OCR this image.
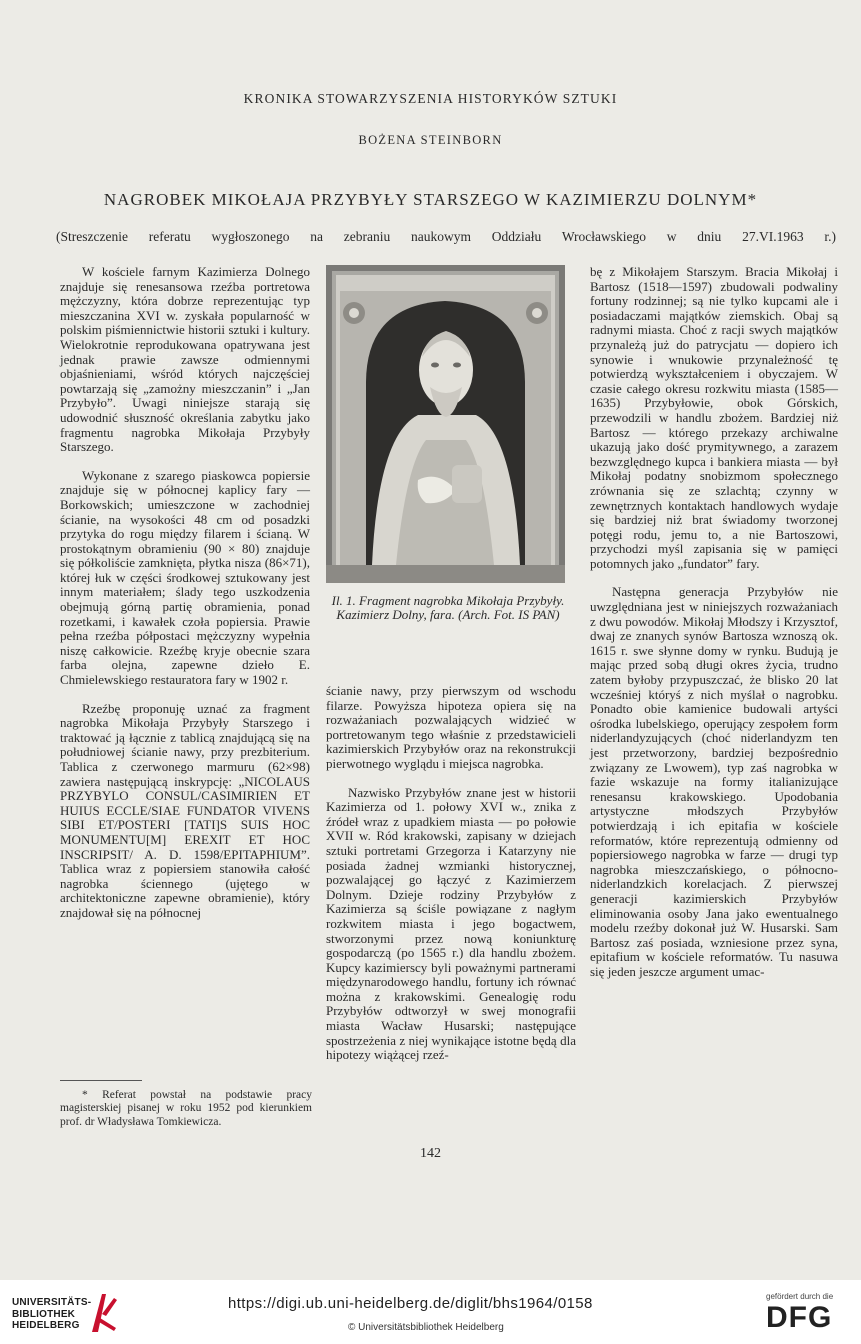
KRONIKA STOWARZYSZENIA HISTORYKÓW SZTUKI
BOŻENA STEINBORN
NAGROBEK MIKOŁAJA PRZYBYŁY STARSZEGO W KAZIMIERZU DOLNYM*
(Streszczenie referatu wygłoszonego na zebraniu naukowym Oddziału Wrocławskiego w dniu 27.VI.1963 r.)

W kościele farnym Kazimierza Dolnego znajduje się renesansowa rzeźba portretowa mężczyzny, która dobrze reprezentując typ mieszczanina XVI w. zyskała popularność w polskim piśmiennictwie historii sztuki i kultury. Wielokrotnie reprodukowana opatrywana jest jednak prawie zawsze odmiennymi objaśnieniami, wśród których najczęściej powtarzają się „zamożny mieszczanin” i „Jan Przybyło”. Uwagi niniejsze starają się udowodnić słuszność określania zabytku jako fragmentu nagrobka Mikołaja Przybyły Starszego.

Wykonane z szarego piaskowca popiersie znajduje się w północnej kaplicy fary — Borkowskich; umieszczone w zachodniej ścianie, na wysokości 48 cm od posadzki przytyka do rogu między filarem i ścianą. W prostokątnym obramieniu (90 × 80) znajduje się półkoliście zamknięta, płytka nisza (86×71), której łuk w części środkowej sztukowany jest innym materiałem; ślady tego uszkodzenia obejmują górną partię obramienia, ponad rozetkami, i kawałek czoła popiersia. Prawie pełna rzeźba półpostaci mężczyzny wypełnia niszę całkowicie. Rzeźbę kryje obecnie szara farba olejna, zapewne dzieło E. Chmielewskiego restauratora fary w 1902 r.

Rzeźbę proponuję uznać za fragment nagrobka Mikołaja Przybyły Starszego i traktować ją łącznie z tablicą znajdującą się na południowej ścianie nawy, przy prezbiterium. Tablica z czerwonego marmuru (62×98) zawiera następującą inskrypcję: „NICOLAUS PRZYBYLO CONSUL/CASIMIRIEN ET HUIUS ECCLE/SIAE FUNDATOR VIVENS SIBI ET/POSTERI [TATI]S SUIS HOC MONUMENTU[M] EREXIT ET HOC INSCRIPSIT/ A. D. 1598/EPITAPHIUM”. Tablica wraz z popiersiem stanowiła całość nagrobka ściennego (ujętego w architektoniczne zapewne obramienie), który znajdował się na północnej

* Referat powstał na podstawie pracy magisterskiej pisanej w roku 1952 pod kierunkiem prof. dr Władysława Tomkiewicza.

Il. 1. Fragment nagrobka Mikołaja Przybyły. Kazimierz Dolny, fara. (Arch. Fot. IS PAN)

ścianie nawy, przy pierwszym od wschodu filarze. Powyższa hipoteza opiera się na rozważaniach pozwalających widzieć w portretowanym tego właśnie z przedstawicieli kazimierskich Przybyłów oraz na rekonstrukcji pierwotnego wyglądu i miejsca nagrobka.

Nazwisko Przybyłów znane jest w historii Kazimierza od 1. połowy XVI w., znika z źródeł wraz z upadkiem miasta — po połowie XVII w. Ród krakowski, zapisany w dziejach sztuki portretami Grzegorza i Katarzyny nie posiada żadnej wzmianki historycznej, pozwalającej go łączyć z Kazimierzem Dolnym. Dzieje rodziny Przybyłów z Kazimierza są ściśle powiązane z nagłym rozkwitem miasta i jego bogactwem, stworzonymi przez nową koniunkturę gospodarczą (po 1565 r.) dla handlu zbożem. Kupcy kazimierscy byli poważnymi partnerami międzynarodowego handlu, fortuny ich równać można z krakowskimi. Genealogię rodu Przybyłów odtworzył w swej monografii miasta Wacław Husarski; następujące spostrzeżenia z niej wynikające istotne będą dla hipotezy wiążącej rzeź-

bę z Mikołajem Starszym. Bracia Mikołaj i Bartosz (1518—1597) zbudowali podwaliny fortuny rodzinnej; są nie tylko kupcami ale i posiadaczami majątków ziemskich. Obaj są radnymi miasta. Choć z racji swych majątków przynależą już do patrycjatu — dopiero ich synowie i wnukowie przynależność tę potwierdzą wykształceniem i obyczajem. W czasie całego okresu rozkwitu miasta (1585—1635) Przybyłowie, obok Górskich, przewodzili w handlu zbożem. Bardziej niż Bartosz — którego przekazy archiwalne ukazują jako dość prymitywnego, a zarazem bezwzględnego kupca i bankiera miasta — był Mikołaj podatny snobizmom społecznego zrównania się ze szlachtą; czynny w zewnętrznych kontaktach handlowych wydaje się bardziej niż brat świadomy tworzonej potęgi rodu, jemu to, a nie Bartoszowi, przychodzi myśl zapisania się w pamięci potomnych jako „fundator” fary.

Następna generacja Przybyłów nie uwzględniana jest w niniejszych rozważaniach z dwu powodów. Mikołaj Młodszy i Krzysztof, dwaj ze znanych synów Bartosza wznoszą ok. 1615 r. swe słynne domy w rynku. Budują je mając przed sobą długi okres życia, trudno zatem byłoby przypuszczać, że blisko 20 lat wcześniej któryś z nich myślał o nagrobku. Ponadto obie kamienice budowali artyści ośrodka lubelskiego, operujący zespołem form niderlandyzujących (choć niderlandyzm ten jest przetworzony, bardziej bezpośrednio związany ze Lwowem), typ zaś nagrobka w fazie wskazuje na formy italianizujące renesansu krakowskiego. Upodobania artystyczne młodszych Przybyłów potwierdzają i ich epitafia w kościele reformatów, które reprezentują odmienny od popiersiowego nagrobka w farze — drugi typ nagrobka mieszczańskiego, o północno-niderlandzkich korelacjach. Z pierwszej generacji kazimierskich Przybyłów eliminowania osoby Jana jako ewentualnego modelu rzeźby dokonał już W. Husarski. Sam Bartosz zaś posiada, wzniesione przez syna, epitafium w kościele reformatów. Tu nasuwa się jeden jeszcze argument umac-

142
UNIVERSITÄTS-
BIBLIOTHEK
HEIDELBERG
https://digi.ub.uni-heidelberg.de/diglit/bhs1964/0158
© Universitätsbibliothek Heidelberg
gefördert durch die
DFG
